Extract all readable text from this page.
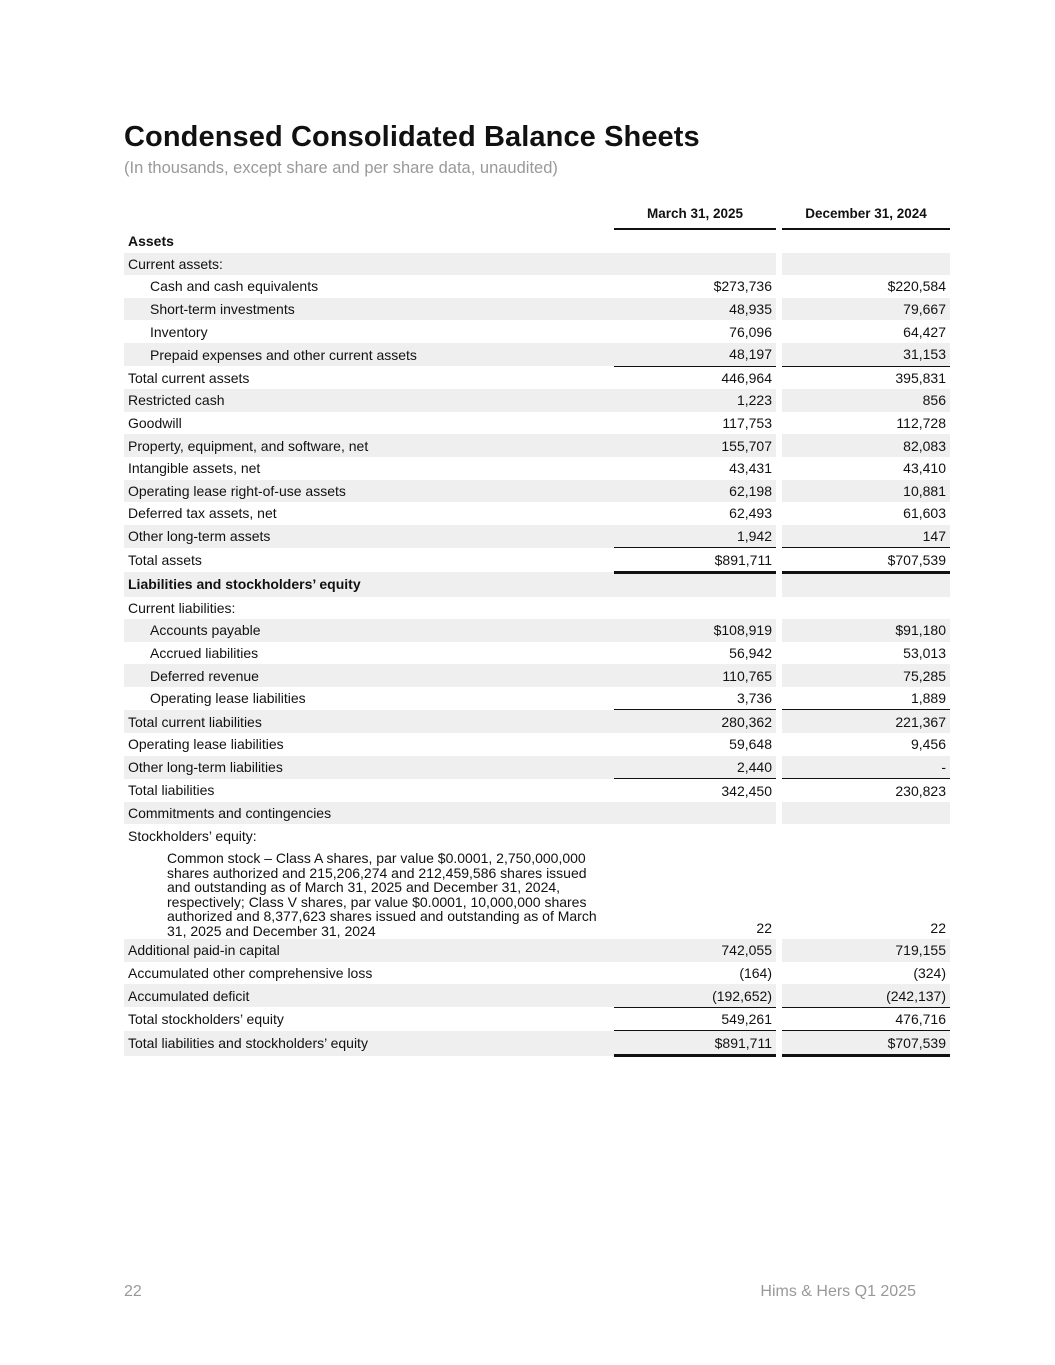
Condensed Consolidated Balance Sheets

(In thousands, except share and per share data, unaudited)

	March 31, 2025		December 31, 2024
Assets			
Current assets:			
Cash and cash equivalents	$273,736		$220,584
Short-term investments	48,935		79,667
Inventory	76,096		64,427
Prepaid expenses and other current assets	48,197		31,153
Total current assets	446,964		395,831
Restricted cash	1,223		856
Goodwill	117,753		112,728
Property, equipment, and software, net	155,707		82,083
Intangible assets, net	43,431		43,410
Operating lease right-of-use assets	62,198		10,881
Deferred tax assets, net	62,493		61,603
Other long-term assets	1,942		147
Total assets	$891,711		$707,539
Liabilities and stockholders’ equity			
Current liabilities:			
Accounts payable	$108,919		$91,180
Accrued liabilities	56,942		53,013
Deferred revenue	110,765		75,285
Operating lease liabilities	3,736		1,889
Total current liabilities	280,362		221,367
Operating lease liabilities	59,648		9,456
Other long-term liabilities	2,440		-
Total liabilities	342,450		230,823
Commitments and contingencies			
Stockholders’ equity:			
Common stock – Class A shares, par value $0.0001, 2,750,000,000 shares authorized and 215,206,274 and 212,459,586 shares issued and outstanding as of March 31, 2025 and December 31, 2024, respectively; Class V shares, par value $0.0001, 10,000,000 shares authorized and 8,377,623 shares issued and outstanding as of March 31, 2025 and December 31, 2024	22		22
Additional paid-in capital	742,055		719,155
Accumulated other comprehensive loss	(164)		(324)
Accumulated deficit	(192,652)		(242,137)
Total stockholders’ equity	549,261		476,716
Total liabilities and stockholders’ equity	$891,711		$707,539
22	Hims & Hers Q1 2025
